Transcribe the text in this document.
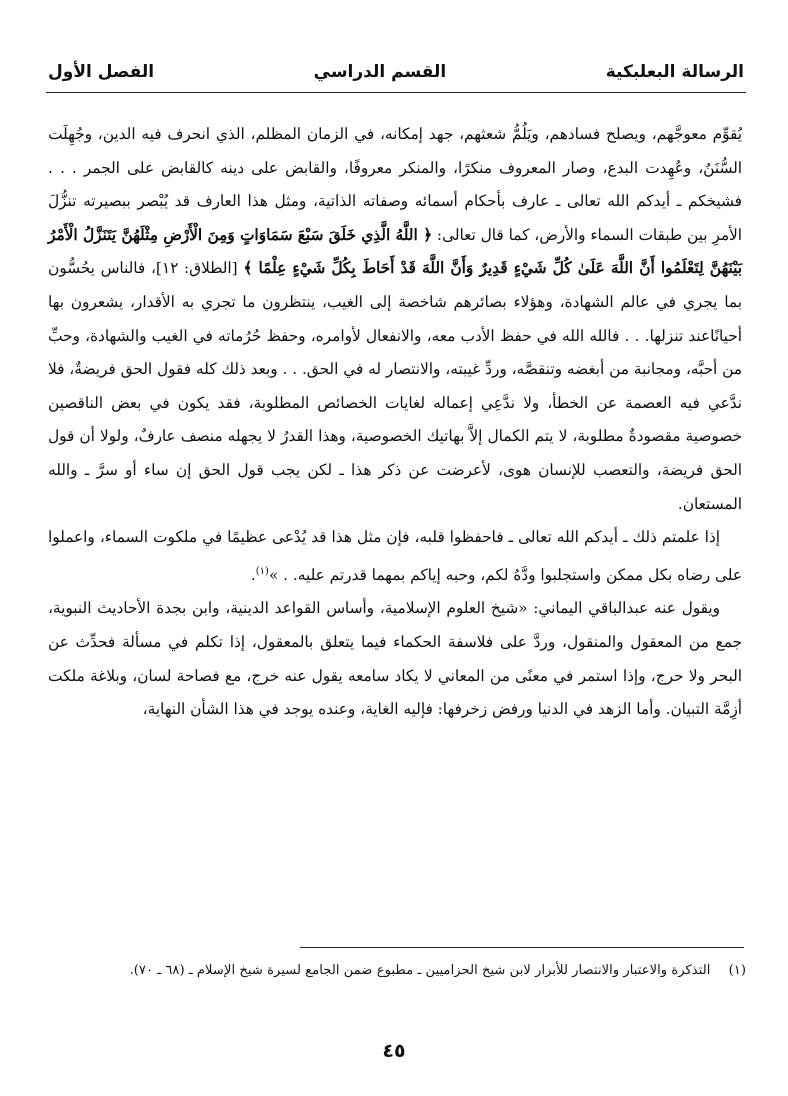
الرسالة البعلبكية
القسم الدراسي
الفصل الأول

يُقوِّم معوجَّهم، ويصلح فسادهم، ويَلُمُّ شعثهم، جهد إمكانه، في الزمان المظلم، الذي انحرف فيه الدين، وجُهِلَت السُّنَنُ، وعُهِدت البدع، وصار المعروف منكرًا، والمنكر معروفًا، والقابض على دينه كالقابض على الجمر . . . فشيخكم ـ أيدكم الله تعالى ـ عارف بأحكام أسمائه وصفاته الذاتية، ومثل هذا العارف قد يُبْصر ببصيرته تنزُّلَ الأمرِ بين طبقات السماء والأرض، كما قال تعالى: ﴿ اللَّهُ الَّذِي خَلَقَ سَبْعَ سَمَاوَاتٍ وَمِنَ الْأَرْضِ مِثْلَهُنَّ يَتَنَزَّلُ الْأَمْرُ بَيْنَهُنَّ لِتَعْلَمُوا أَنَّ اللَّهَ عَلَىٰ كُلِّ شَيْءٍ قَدِيرٌ وَأَنَّ اللَّهَ قَدْ أَحَاطَ بِكُلِّ شَيْءٍ عِلْمًا ﴾ [الطلاق: ١٢]، فالناس يحُسُّون بما يجري في عالم الشهادة، وهؤلاء بصائرهم شاخصة إلى الغيب، ينتظرون ما تجري به الأقدار، يشعرون بها أحيانًاعند تنزلها. . . فالله الله في حفظ الأدب معه، والانفعال لأوامره، وحفظ حُرُماته في الغيب والشهادة، وحبِّ من أحبَّه، ومجانبة من أبغضه وتنقصَّه، وردِّ غيبته، والانتصار له في الحق. . . وبعد ذلك كله فقول الحق فريضةٌ، فلا ندَّعي فيه العصمة عن الخطأ، ولا ندَّعِي إعماله لغايات الخصائص المطلوبة، فقد يكون في بعض الناقصين خصوصية مقصودةٌ مطلوبة، لا يتم الكمال إلاَّ بهاتيك الخصوصية، وهذا القدرُ لا يجهله منصف عارفٌ، ولولا أن قول الحق فريضة، والتعصب للإنسان هوى، لأعرضت عن ذكر هذا ـ لكن يجب قول الحق إن ساء أو سرَّ ـ والله المستعان.

إذا علمتم ذلك ـ أيدكم الله تعالى ـ فاحفظوا قلبه، فإن مثل هذا قد يُدْعى عظيمًا في ملكوت السماء، واعملوا على رضاه بكل ممكن واستجلبوا ودَّهُ لكم، وحبه إياكم بمهما قدرتم عليه. . »$^{(١)}$.

ويقول عنه عبدالباقي اليماني: «شيخ العلوم الإسلامية، وأساس القواعد الدينية، وابن بجدة الأحاديث النبوية، جمع من المعقول والمنقول، وردَّ على فلاسفة الحكماء فيما يتعلق بالمعقول، إذا تكلم في مسألة فحدِّث عن البحر ولا حرج، وإذا استمر في معنًى من المعاني لا يكاد سامعه يقول عنه خرج، مع فصاحة لسان، وبلاغة ملكت أزِمَّة التبيان. وأما الزهد في الدنيا ورفض زخرفها: فإليه الغاية، وعنده يوجد في هذا الشأن النهاية،

(١) التذكرة والاعتبار والانتصار للأبرار لابن شيخ الحزاميين ـ مطبوع ضمن الجامع لسيرة شيخ الإسلام ـ (٦٨ ـ ٧٠).
٤٥
